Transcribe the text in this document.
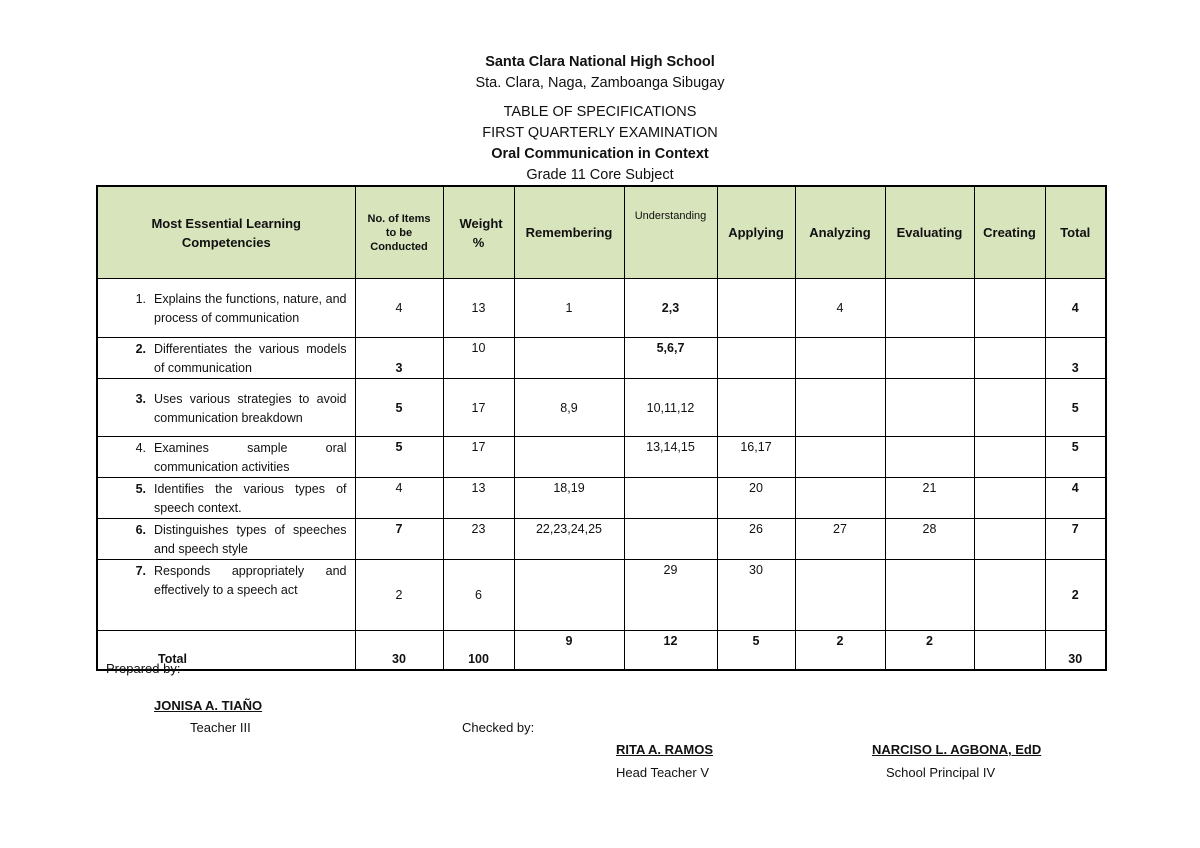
Santa Clara National High School
Sta. Clara, Naga, Zamboanga Sibugay
TABLE OF SPECIFICATIONS
FIRST QUARTERLY EXAMINATION
Oral Communication in Context
Grade 11 Core Subject
Most Essential Learning Competencies	No. of Items to be Conducted	Weight %	Remembering	Understanding	Applying	Analyzing	Evaluating	Creating	Total

1. Explains the functions, nature, and process of communication	4	13	1	2,3		4			4

2. Differentiates the various models of communication	3	10		5,6,7					3

3. Uses various strategies to avoid communication breakdown	5	17	8,9	10,11,12					5

4. Examines sample oral communication activities	5	17		13,14,15	16,17				5

5. Identifies the various types of speech context.	4	13	18,19		20		21		4

6. Distinguishes types of speeches and speech style	7	23	22,23,24,25		26	27	28		7

7. Responds appropriately and effectively to a speech act	2	6		29	30				2
Total	30	100	9	12	5	2	2		30
Prepared by:
JONISA A. TIAÑO
Teacher III	Checked by:
RITA A. RAMOS
Head Teacher V
NARCISO L. AGBONA, EdD
School Principal IV
